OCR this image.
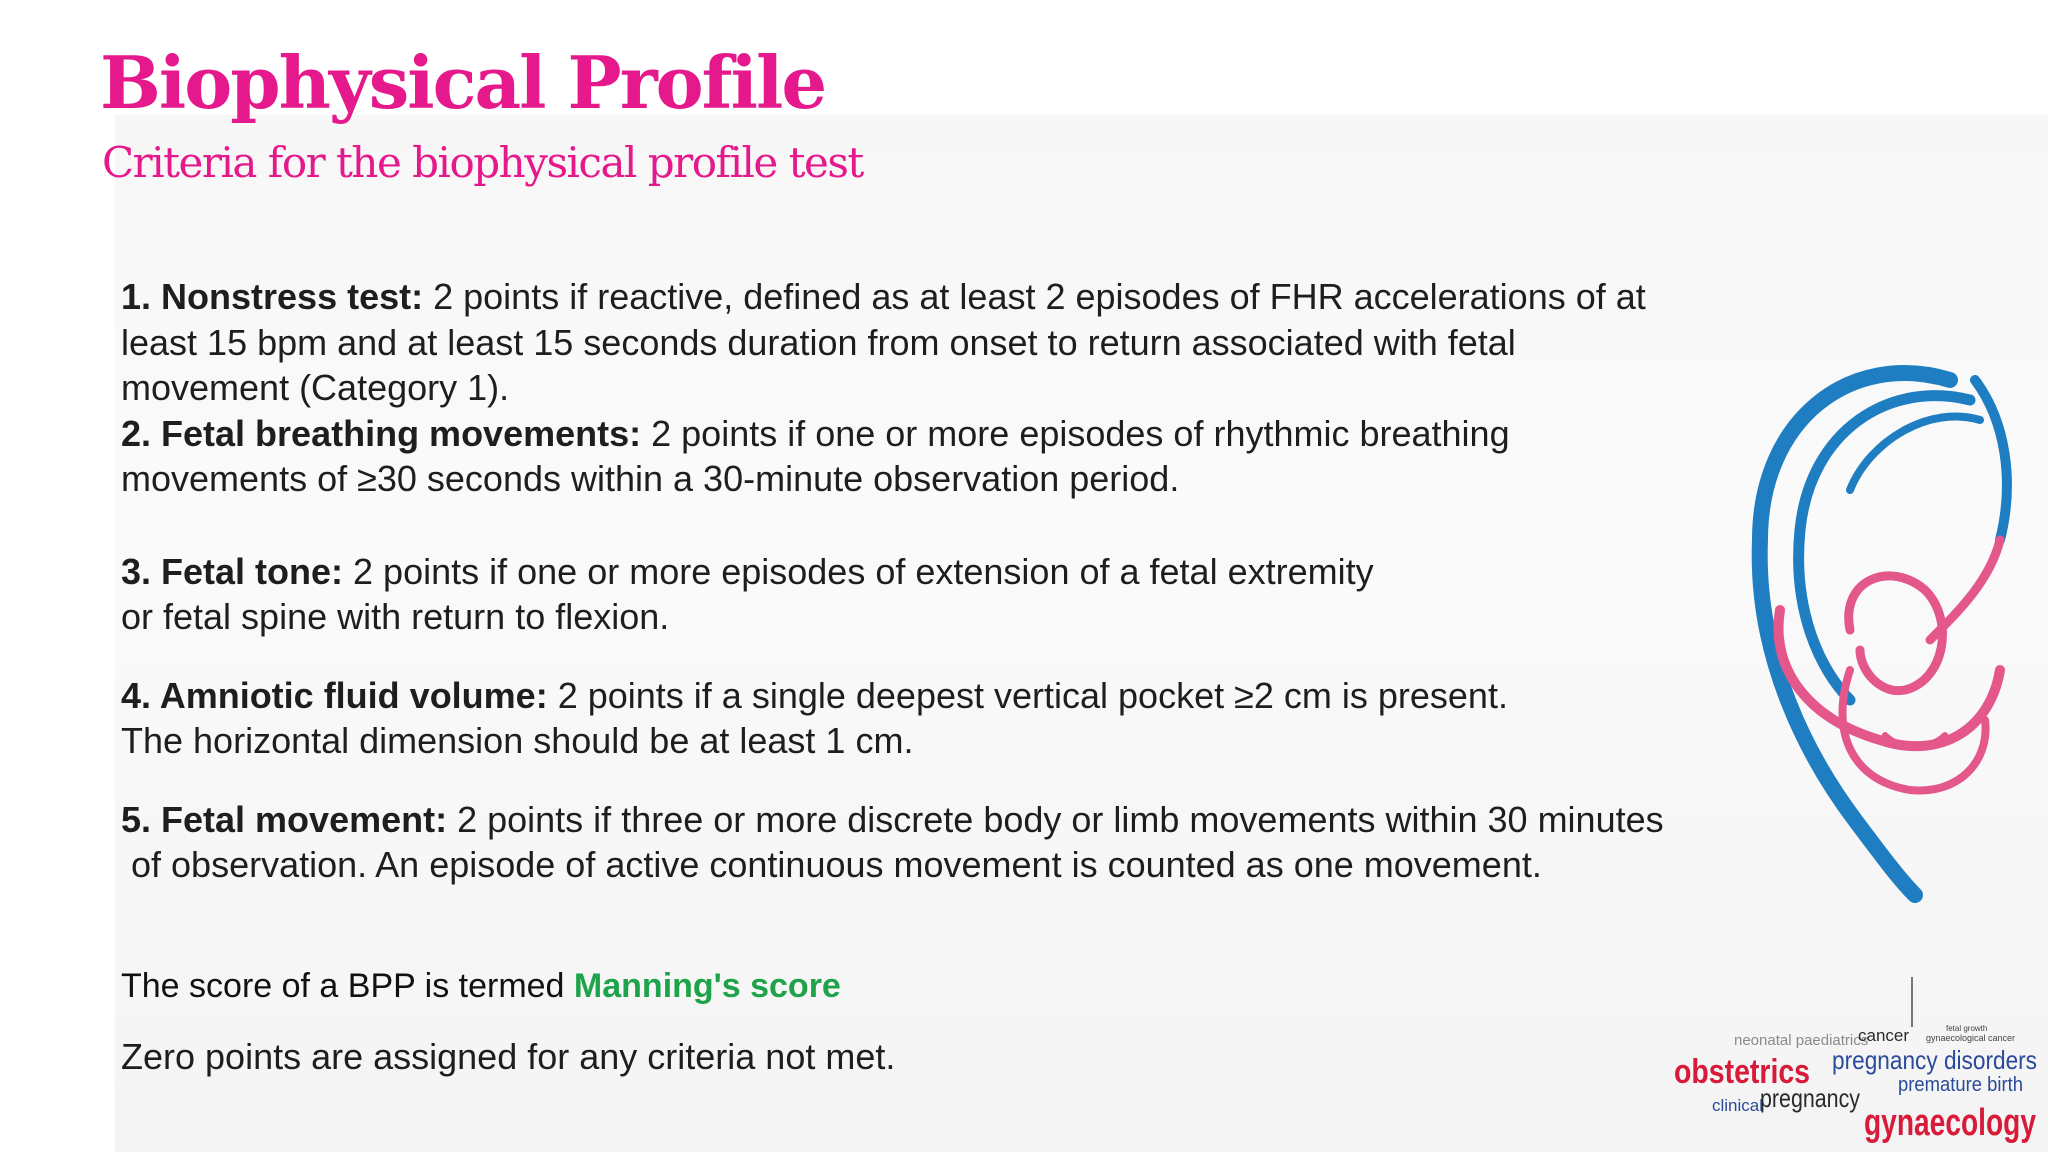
Biophysical Profile
Criteria for the biophysical profile test

1. Nonstress test: 2 points if reactive, defined as at least 2 episodes of FHR accelerations of at
least 15 bpm and at least 15 seconds duration from onset to return associated with fetal
movement (Category 1).

2. Fetal breathing movements: 2 points if one or more episodes of rhythmic breathing
movements of ≥30 seconds within a 30-minute observation period.

3. Fetal tone: 2 points if one or more episodes of extension of a fetal extremity
or fetal spine with return to flexion.

4. Amniotic fluid volume: 2 points if a single deepest vertical pocket ≥2 cm is present.
The horizontal dimension should be at least 1 cm.

5. Fetal movement: 2 points if three or more discrete body or limb movements within 30 minutes
of observation. An episode of active continuous movement is counted as one movement.

The score of a BPP is termed Manning's score
Zero points are assigned for any criteria not met.	neonatal paediatrics
cancer	fetal growth
gynaecological cancer
obstetrics pregnancy disorders
premature birth
clinical
pregnancy
gynaecology
